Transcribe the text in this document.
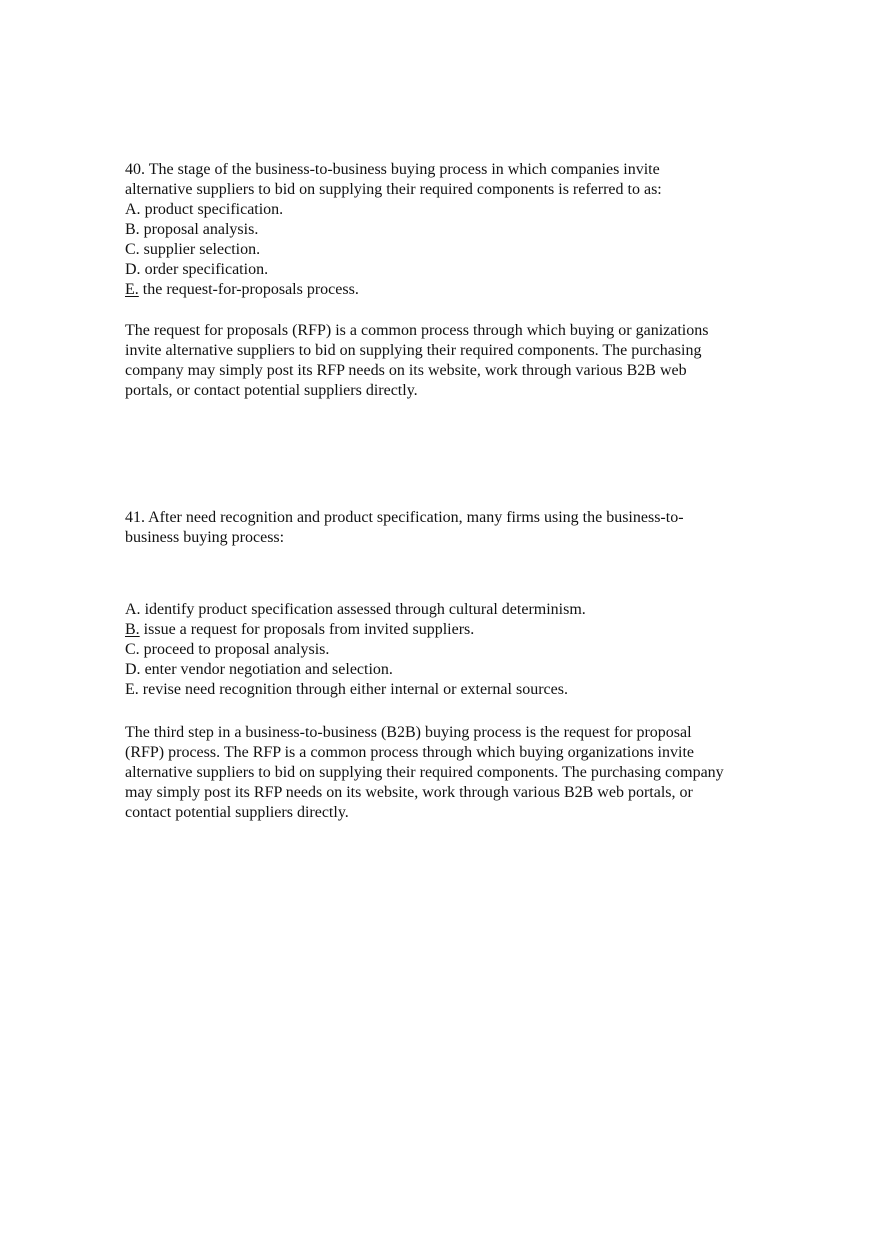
40. The stage of the business-to-business buying process in which companies invite
alternative suppliers to bid on supplying their required components is referred to as:
A. product specification.
B. proposal analysis.
C. supplier selection.
D. order specification.
E. the request-for-proposals process.
The request for proposals (RFP) is a common process through which buying or ganizations
invite alternative suppliers to bid on supplying their required components. The purchasing
company may simply post its RFP needs on its website, work through various B2B web
portals, or contact potential suppliers directly.
41. After need recognition and product specification, many firms using the business-to-
business buying process:
A. identify product specification assessed through cultural determinism.
B. issue a request for proposals from invited suppliers.
C. proceed to proposal analysis.
D. enter vendor negotiation and selection.
E. revise need recognition through either internal or external sources.
The third step in a business-to-business (B2B) buying process is the request for proposal
(RFP) process. The RFP is a common process through which buying organizations invite
alternative suppliers to bid on supplying their required components. The purchasing company
may simply post its RFP needs on its website, work through various B2B web portals, or
contact potential suppliers directly.
